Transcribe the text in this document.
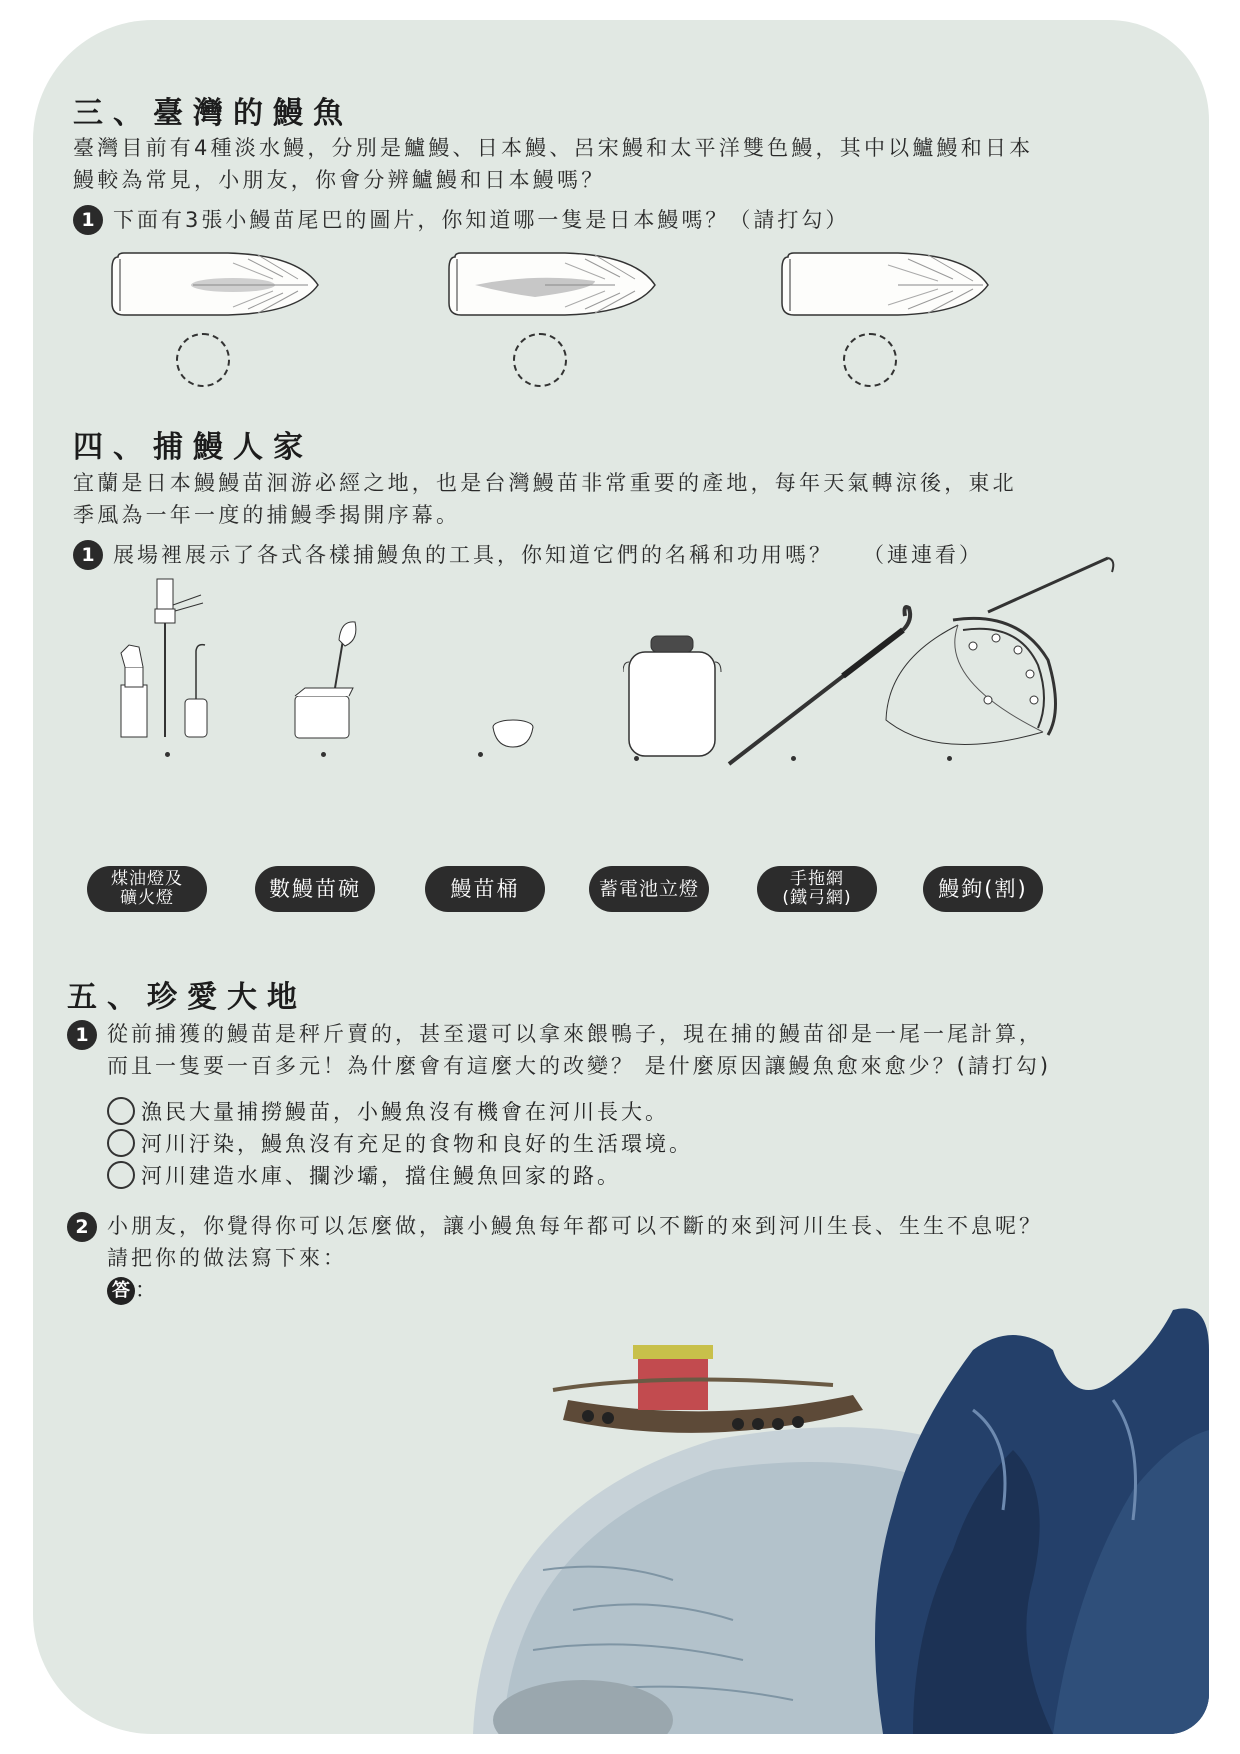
三、臺灣的鰻魚
臺灣目前有4種淡水鰻，分別是鱸鰻、日本鰻、呂宋鰻和太平洋雙色鰻，其中以鱸鰻和日本
鰻較為常見，小朋友，你會分辨鱸鰻和日本鰻嗎？
1 下面有3張小鰻苗尾巴的圖片，你知道哪一隻是日本鰻嗎？（請打勾）
四、捕鰻人家
宜蘭是日本鰻鰻苗洄游必經之地，也是台灣鰻苗非常重要的產地，每年天氣轉涼後，東北
季風為一年一度的捕鰻季揭開序幕。
1 展場裡展示了各式各樣捕鰻魚的工具，你知道它們的名稱和功用嗎？ （連連看）
煤油燈及
礦火燈	數鰻苗碗	鰻苗桶	蓄電池立燈	手拖網
(鐵弓網)	鰻鉤(割)
五、珍愛大地
1 從前捕獲的鰻苗是秤斤賣的，甚至還可以拿來餵鴨子，現在捕的鰻苗卻是一尾一尾計算，
而且一隻要一百多元！為什麼會有這麼大的改變？ 是什麼原因讓鰻魚愈來愈少？(請打勾)
漁民大量捕撈鰻苗，小鰻魚沒有機會在河川長大。
河川汙染，鰻魚沒有充足的食物和良好的生活環境。
河川建造水庫、攔沙壩，擋住鰻魚回家的路。
2 小朋友，你覺得你可以怎麼做，讓小鰻魚每年都可以不斷的來到河川生長、生生不息呢？
請把你的做法寫下來：
答 ：
